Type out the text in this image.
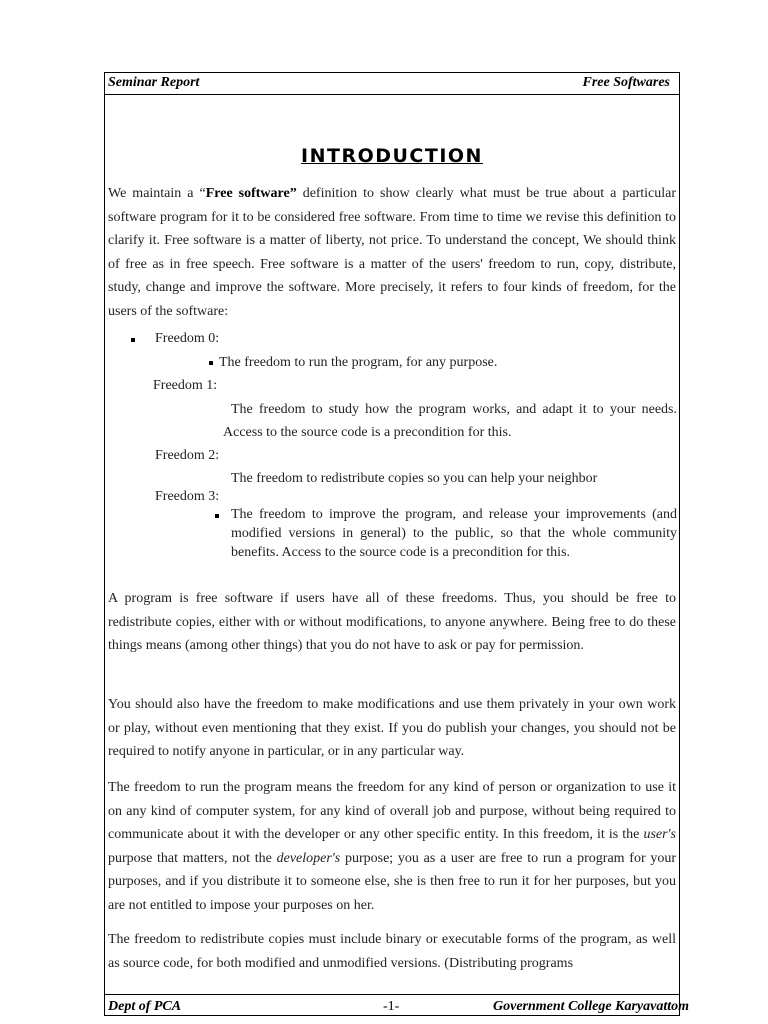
Seminar Report	Free Softwares
INTRODUCTION

We maintain a “Free software” definition to show clearly what must be true about a particular software program for it to be considered free software. From time to time we revise this definition to clarify it. Free software is a matter of liberty, not price. To understand the concept, We should think of free as in free speech. Free software is a matter of the users' freedom to run, copy, distribute, study, change and improve the software. More precisely, it refers to four kinds of freedom, for the users of the software:

Freedom 0:
The freedom to run the program, for any purpose.
Freedom 1:

The freedom to study how the program works, and adapt it to your needs. Access to the source code is a precondition for this.

Freedom 2:
The freedom to redistribute copies so you can help your neighbor
Freedom 3:

The freedom to improve the program, and release your improvements (and modified versions in general) to the public, so that the whole community benefits. Access to the source code is a precondition for this.

A program is free software if users have all of these freedoms. Thus, you should be free to redistribute copies, either with or without modifications, to anyone anywhere. Being free to do these things means (among other things) that you do not have to ask or pay for permission.

You should also have the freedom to make modifications and use them privately in your own work or play, without even mentioning that they exist. If you do publish your changes, you should not be required to notify anyone in particular, or in any particular way.

The freedom to run the program means the freedom for any kind of person or organization to use it on any kind of computer system, for any kind of overall job and purpose, without being required to communicate about it with the developer or any other specific entity. In this freedom, it is the user's purpose that matters, not the developer's purpose; you as a user are free to run a program for your purposes, and if you distribute it to someone else, she is then free to run it for her purposes, but you are not entitled to impose your purposes on her.

The freedom to redistribute copies must include binary or executable forms of the program, as well as source code, for both modified and unmodified versions. (Distributing programs

Dept of PCA	-1-	Government College Karyavattom
